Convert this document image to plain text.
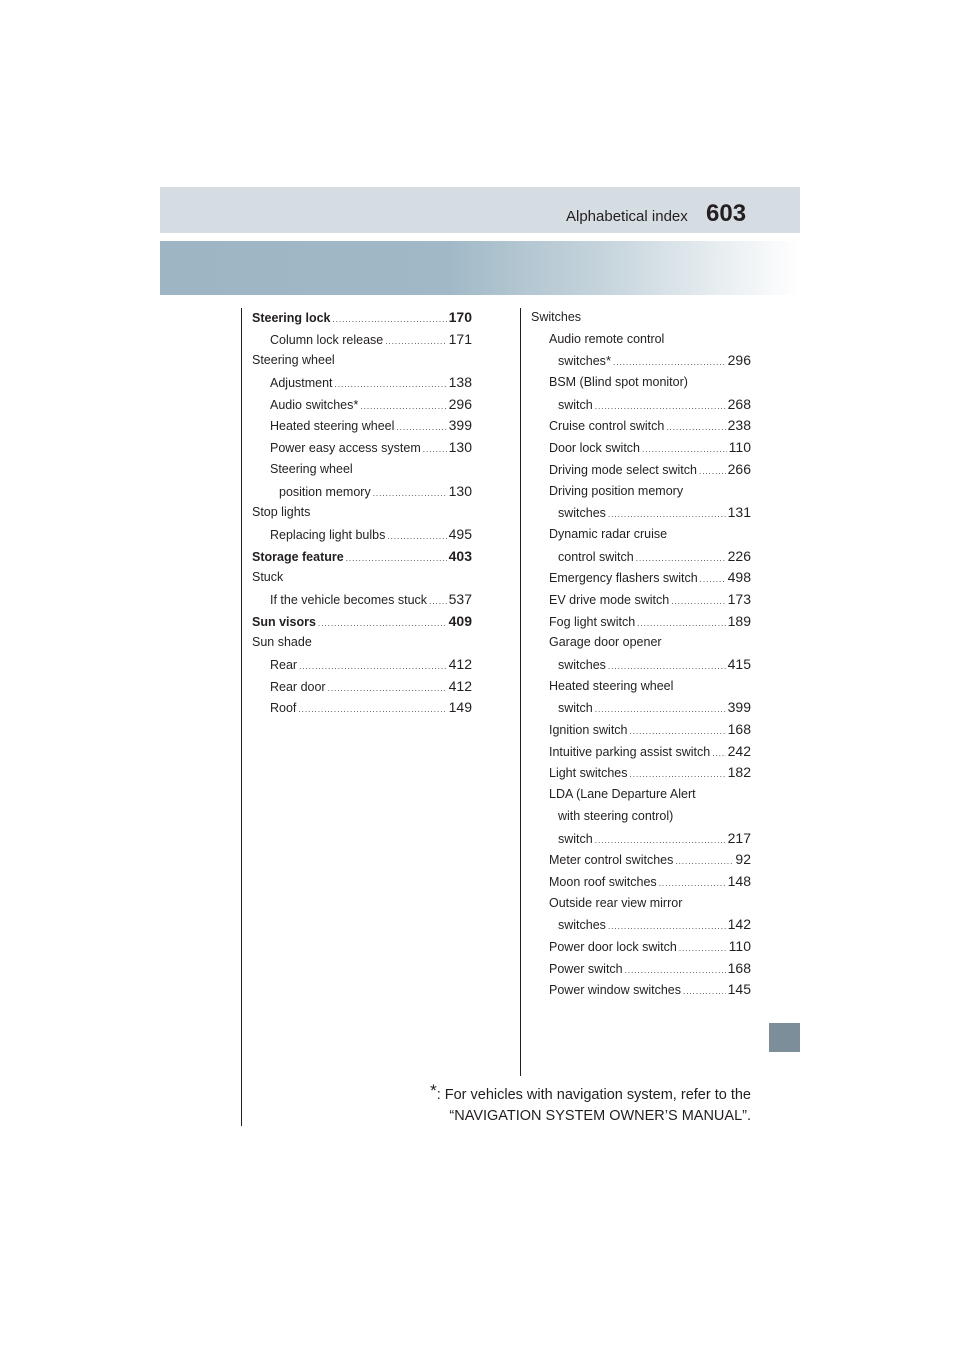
Alphabetical index 603
Steering lock .....	170
Column lock release .....	171
Steering wheel
Adjustment .....	138
Audio switches * .....	296
Heated steering wheel .....	399
Power easy access system ..... 130
Steering wheel
position memory .....	130
Stop lights
Replacing light bulbs .....	495
Storage feature .....	403
Stuck
If the vehicle becomes stuck ..... 537
Sun visors .....	409
Sun shade
Rear .....	412
Rear door .....	412
Roof .....	149
Switches
Audio remote control
switches * .....	296
BSM (Blind spot monitor)
switch .....	268
Cruise control switch .....	238
Door lock switch .....	110
Driving mode select switch ..... 266
Driving position memory
switches .....	131
Dynamic radar cruise
control switch .....	226
Emergency flashers switch ..... 498
EV drive mode switch .....	173
Fog light switch .....	189
Garage door opener
switches .....	415
Heated steering wheel
switch .....	399
Ignition switch .....	168
Intuitive parking assist switch ..... 242
Light switches .....	182
LDA (Lane Departure Alert
with steering control)
switch .....	217
Meter control switches .....	92
Moon roof switches .....	148
Outside rear view mirror
switches .....	142
Power door lock switch .....	110
Power switch .....	168
Power window switches .....	145
*: For vehicles with navigation system, refer to the
“NAVIGATION SYSTEM OWNER’S MANUAL”.
